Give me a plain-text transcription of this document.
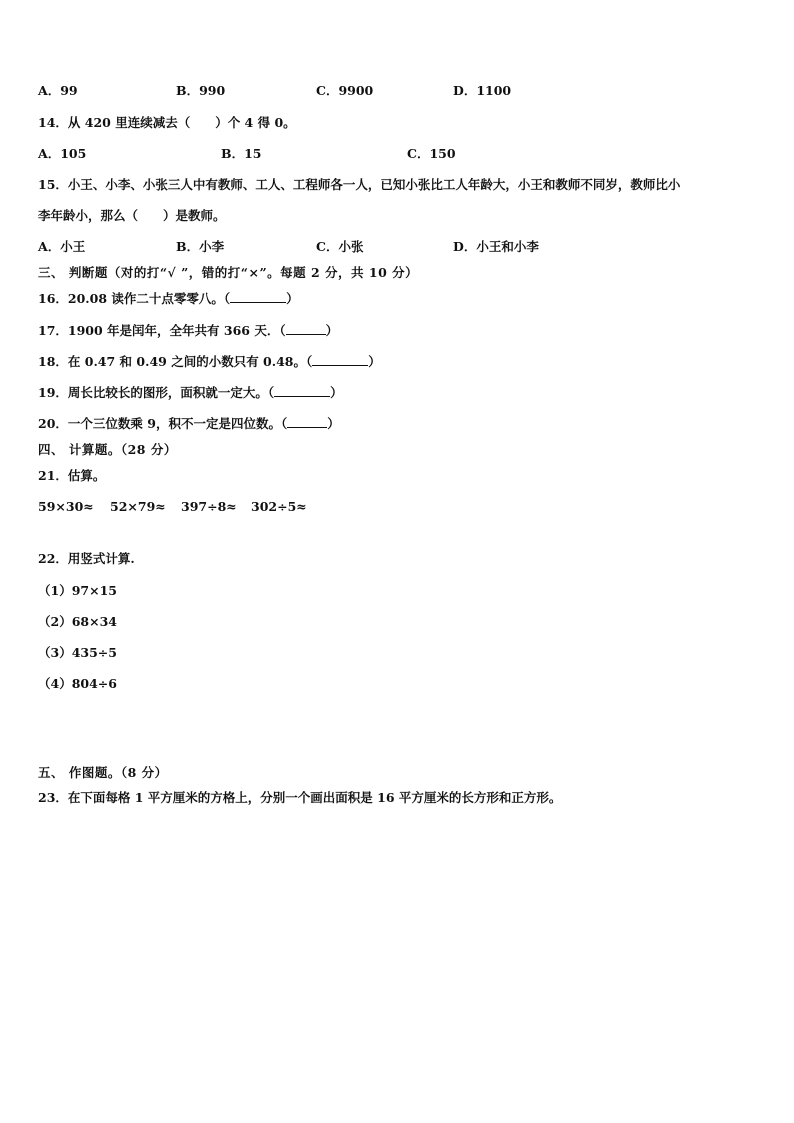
A．99	B．990	C．9900	D．1100
14．从 420 里连续减去（　　）个 4 得 0。
A．105	B．15	C．150
15．小王、小李、小张三人中有教师、工人、工程师各一人，已知小张比工人年龄大，小王和教师不同岁，教师比小
李年龄小，那么（　　）是教师。
A．小王	B．小李	C．小张	D．小王和小李
三、 判断题（对的打“√ ”，错的打“×”。每题 2 分，共 10 分）
16．20.08 读作二十点零零八。（	）
17．1900 年是闰年，全年共有 366 天．（	）
18．在 0.47 和 0.49 之间的小数只有 0.48。（	）
19．周长比较长的图形，面积就一定大。（	）
20．一个三位数乘 9，积不一定是四位数。（	）
四、 计算题。（28 分）
21．估算。
59×30≈ 52×79≈ 397÷8≈ 302÷5≈
22．用竖式计算.
（1）97×15
（2）68×34
（3）435÷5
（4）804÷6
五、 作图题。（8 分）
23．在下面每格 1 平方厘米的方格上，分别一个画出面积是 16 平方厘米的长方形和正方形。
